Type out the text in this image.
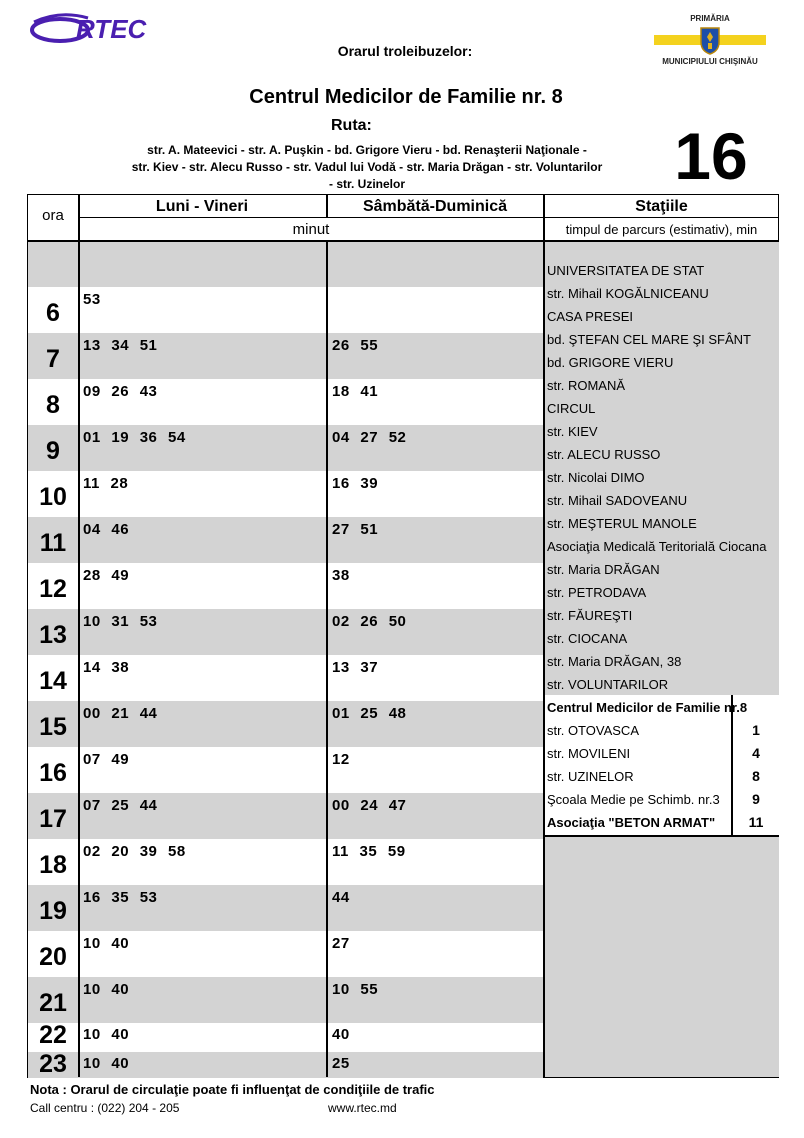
RTEC
Orarul troleibuzelor:
PRIMĂRIA
MUNICIPIULUI CHIŞINĂU
Centrul Medicilor de Familie nr. 8
Ruta:
str. A. Mateevici - str. A. Puşkin - bd. Grigore Vieru - bd. Renaşterii Naţionale -
str. Kiev - str. Alecu Russo - str. Vadul lui Vodă - str. Maria Drăgan - str. Voluntarilor
- str. Uzinelor	16
ora
Luni - Vineri	Sâmbătă-Duminică	Staţiile
minut	timpul de parcurs (estimativ), min
6	53
7	13 34 51	26 55
8	09 26 43	18 41
9	01 19 36 54	04 27 52
10	11 28	16 39
11	04 46	27 51
12	28 49	38
13	10 31 53	02 26 50
14	14 38	13 37
15	00 21 44	01 25 48
16	07 49	12
17	07 25 44	00 24 47
18	02 20 39 58	11 35 59
19	16 35 53	44
20	10 40	27
21	10 40	10 55
22	10 40	40
23	10 40	25
UNIVERSITATEA DE STAT
str. Mihail KOGĂLNICEANU
CASA PRESEI
bd. ŞTEFAN CEL MARE ŞI SFÂNT
bd. GRIGORE VIERU
str. ROMANĂ
CIRCUL
str. KIEV
str. ALECU RUSSO
str. Nicolai DIMO
str. Mihail SADOVEANU
str. MEŞTERUL MANOLE
Asociaţia Medicală Teritorială Ciocana
str. Maria DRĂGAN
str. PETRODAVA
str. FĂUREŞTI
str. CIOCANA
str. Maria DRĂGAN, 38
str. VOLUNTARILOR
Centrul Medicilor de Familie nr.8
str. OTOVASCA	1
str. MOVILENI	4
str. UZINELOR	8
Şcoala Medie pe Schimb. nr.3	9
Asociaţia "BETON ARMAT"	11
Nota : Orarul de circulaţie poate fi influenţat de condiţiile de trafic
Call centru : (022) 204 - 205	www.rtec.md
